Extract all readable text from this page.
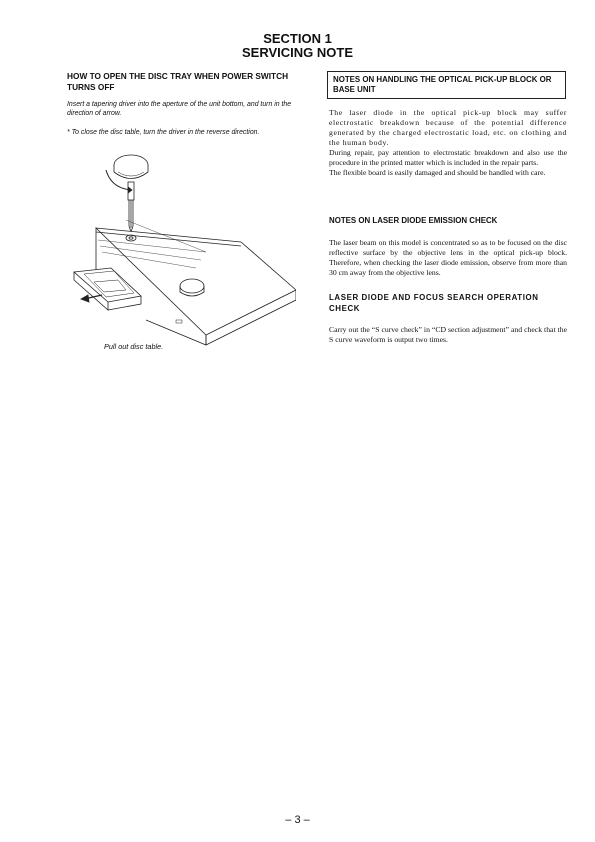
SECTION 1
SERVICING NOTE
HOW TO OPEN THE DISC TRAY WHEN POWER SWITCH TURNS OFF
Insert a tapering driver into the aperture of the unit bottom, and turn in the direction of arrow.
* To close the disc table, turn the driver in the reverse direction.
Pull out disc table.
NOTES ON HANDLING THE OPTICAL PICK-UP BLOCK OR BASE UNIT

The laser diode in the optical pick-up block may suffer electrostatic breakdown because of the potential difference generated by the charged electrostatic load, etc. on clothing and the human body.

During repair, pay attention to electrostatic breakdown and also use the procedure in the printed matter which is included in the repair parts.

The flexible board is easily damaged and should be handled with care.

NOTES ON LASER DIODE EMISSION CHECK
The laser beam on this model is concentrated so as to be focused on the disc reflective surface by the objective lens in the optical pick-up block. Therefore, when checking the laser diode emission, observe from more than 30 cm away from the objective lens.
LASER DIODE AND FOCUS SEARCH OPERATION CHECK
Carry out the “S curve check” in “CD section adjustment” and check that the S curve waveform is output two times.
– 3 –
